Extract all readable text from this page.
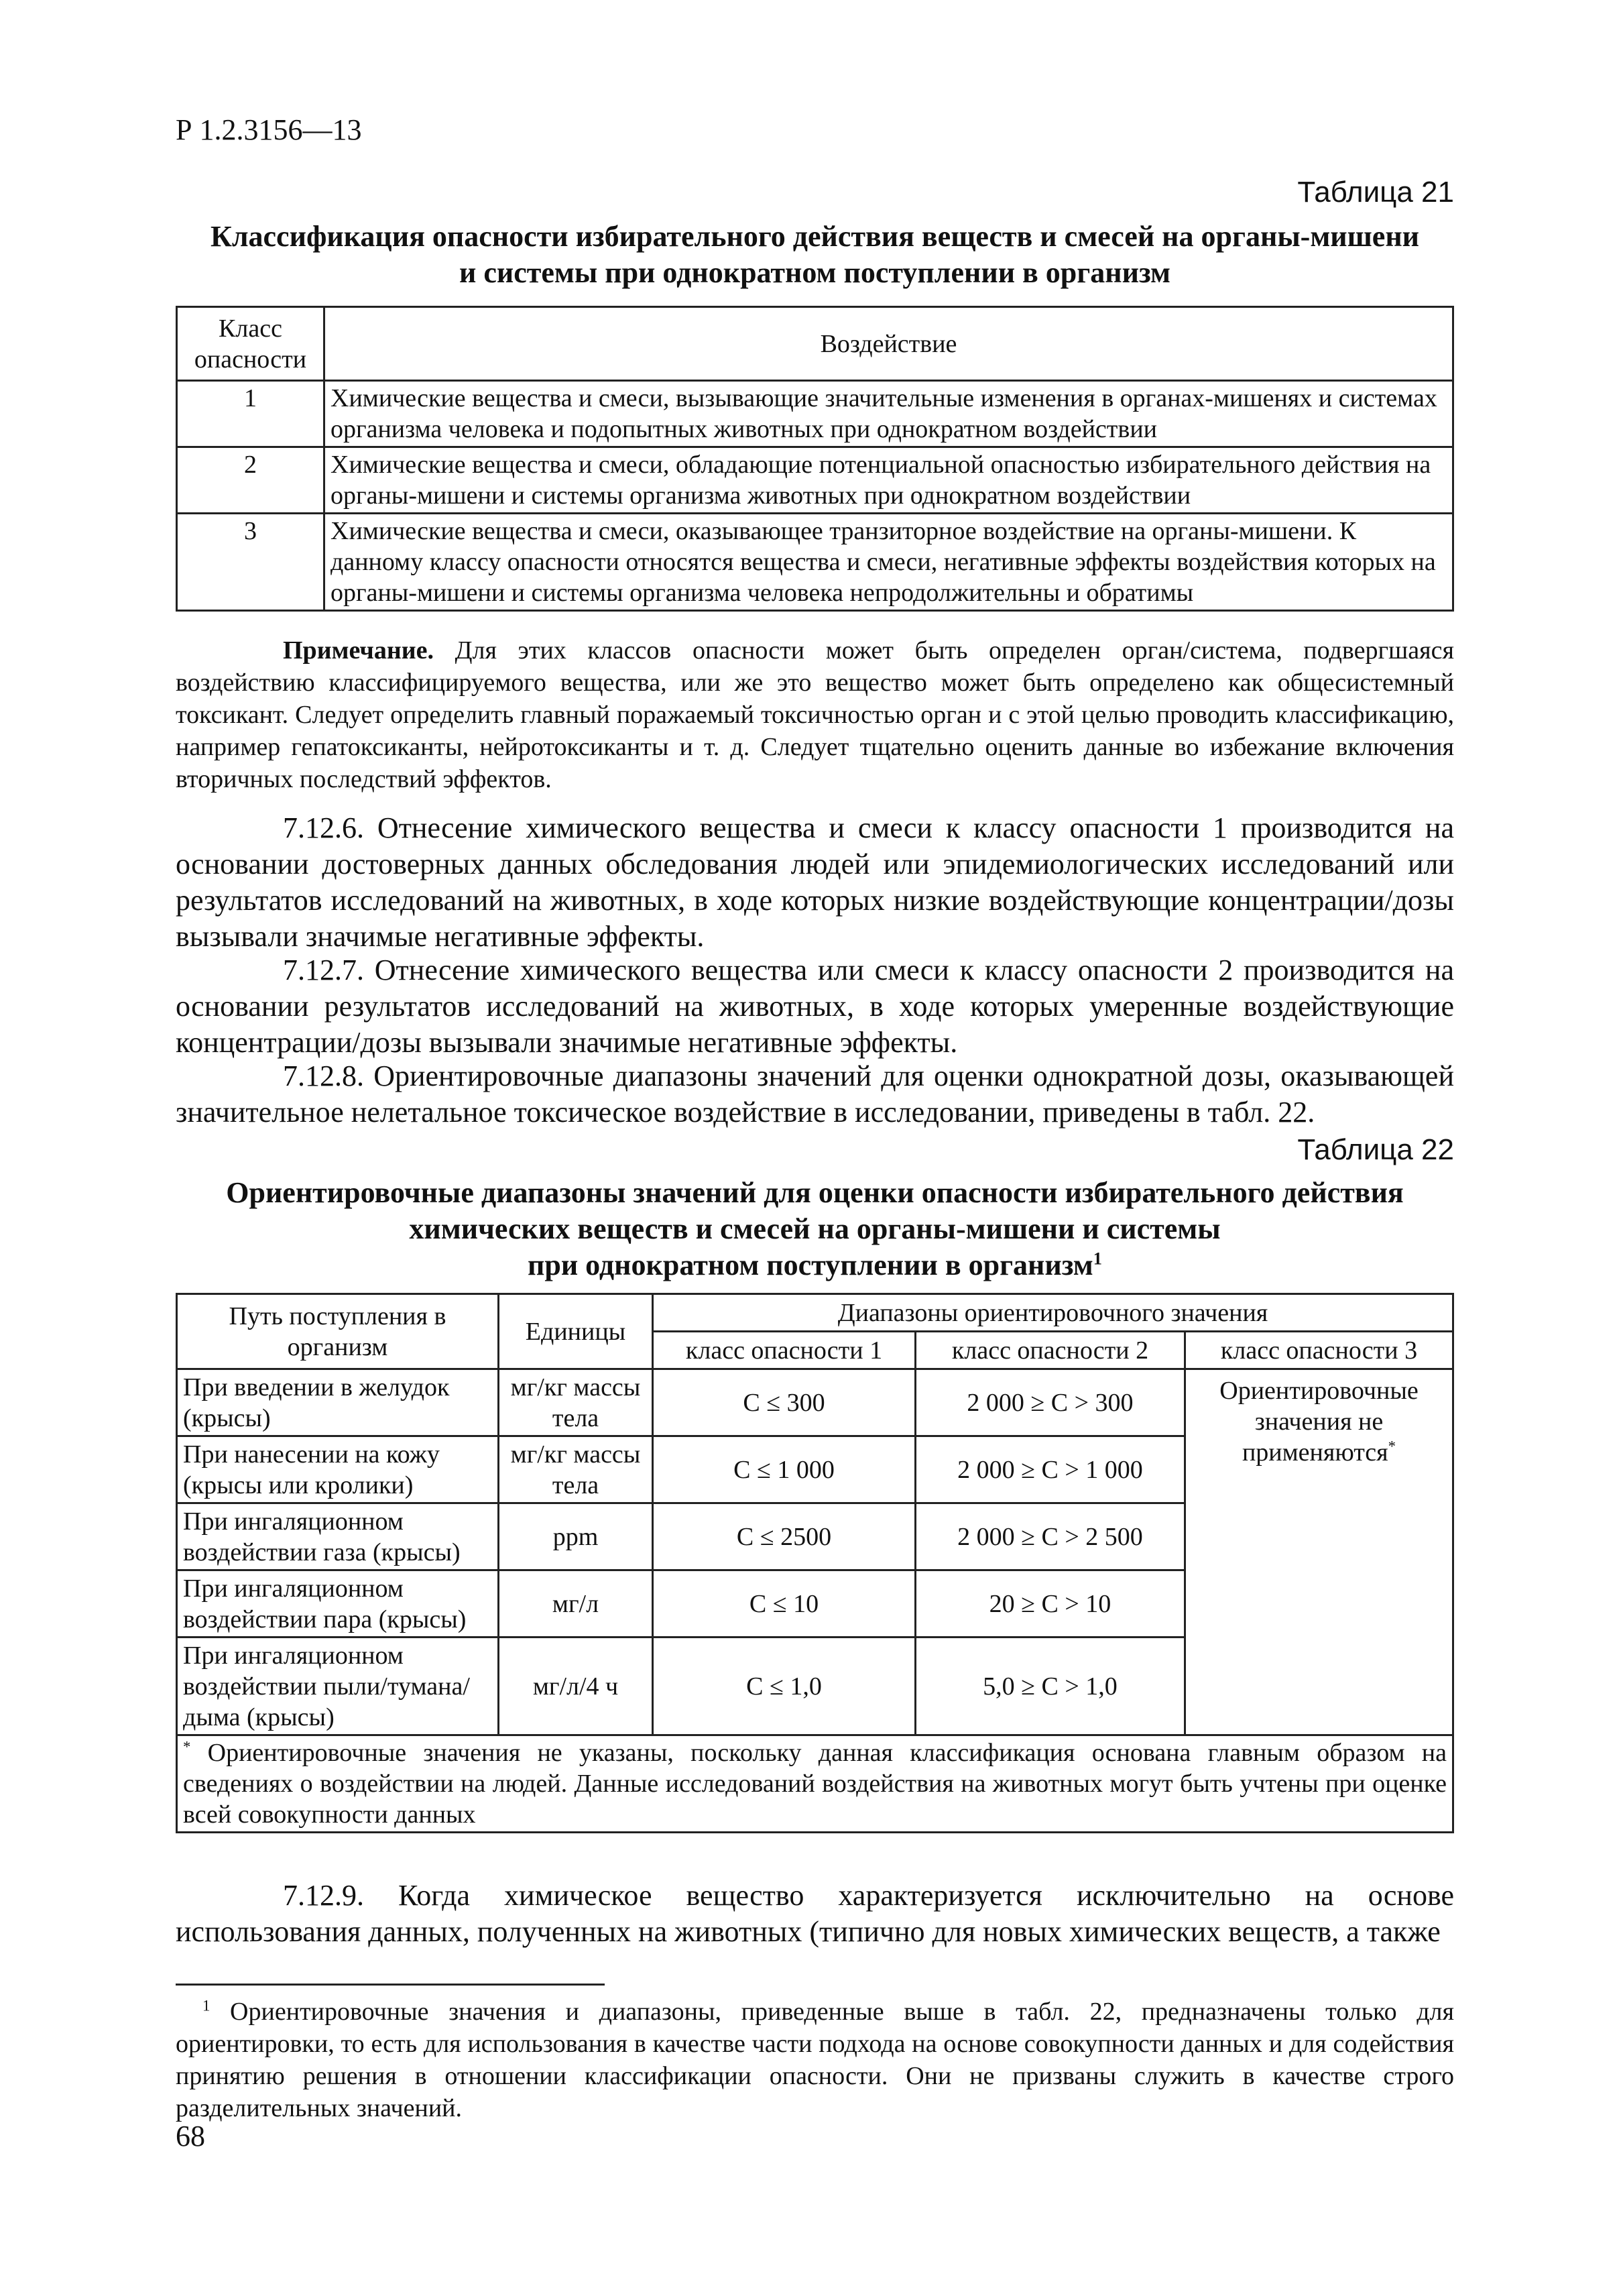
Р 1.2.3156—13
Таблица 21
Классификация опасности избирательного действия веществ и смесей на органы-мишени
и системы при однократном поступлении в организм
Класс опасности	Воздействие
1	Химические вещества и смеси, вызывающие значительные изменения в органах-мишенях и системах организма человека и подопытных животных при однократном воздействии
2	Химические вещества и смеси, обладающие потенциальной опасностью избирательного действия на органы-мишени и системы организма животных при однократном воздействии
3	Химические вещества и смеси, оказывающее транзиторное воздействие на органы-мишени. К данному классу опасности относятся вещества и смеси, негативные эффекты воздействия которых на органы-мишени и системы организма человека непродолжительны и обратимы
Примечание. Для этих классов опасности может быть определен орган/система, подвергшаяся воздействию классифицируемого вещества, или же это вещество может быть определено как общесистемный токсикант. Следует определить главный поражаемый токсичностью орган и с этой целью проводить классификацию, например гепатоксиканты, нейротоксиканты и т. д. Следует тщательно оценить данные во избежание включения вторичных последствий эффектов.
7.12.6. Отнесение химического вещества и смеси к классу опасности 1 производится на основании достоверных данных обследования людей или эпидемиологических исследований или результатов исследований на животных, в ходе которых низкие воздействующие концентрации/дозы вызывали значимые негативные эффекты.
7.12.7. Отнесение химического вещества или смеси к классу опасности 2 производится на основании результатов исследований на животных, в ходе которых умеренные воздействующие концентрации/дозы вызывали значимые негативные эффекты.
7.12.8. Ориентировочные диапазоны значений для оценки однократной дозы, оказывающей значительное нелетальное токсическое воздействие в исследовании, приведены в табл. 22.
Таблица 22
Ориентировочные диапазоны значений для оценки опасности избирательного действия
химических веществ и смесей на органы-мишени и системы
при однократном поступлении в организм$^1$
Путь поступления в организм	Единицы	Диапазоны ориентировочного значения		
		класс опасности 1	класс опасности 2	класс опасности 3
При введении в желудок (крысы)	мг/кг массы тела	C ≤ 300	2 000 ≥ C > 300	Ориентировочные значения не применяются*
При нанесении на кожу (крысы или кролики)	мг/кг массы тела	C ≤ 1 000	2 000 ≥ C > 1 000	
При ингаляционном воздействии газа (крысы)	ppm	C ≤ 2500	2 000 ≥ C > 2 500	
При ингаляционном воздействии пара (крысы)	мг/л	C ≤ 10	20 ≥ C > 10	
При ингаляционном воздействии пыли/тумана/дыма (крысы)	мг/л/4 ч	C ≤ 1,0	5,0 ≥ C > 1,0	
* Ориентировочные значения не указаны, поскольку данная классификация основана главным образом на сведениях о воздействии на людей. Данные исследований воздействия на животных могут быть учтены при оценке всей совокупности данных				
7.12.9. Когда химическое вещество характеризуется исключительно на основе использования данных, полученных на животных (типично для новых химических веществ, а также
$^1$ Ориентировочные значения и диапазоны, приведенные выше в табл. 22, предназначены только для ориентировки, то есть для использования в качестве части подхода на основе совокупности данных и для содействия принятию решения в отношении классификации опасности. Они не призваны служить в качестве строго разделительных значений.
68
